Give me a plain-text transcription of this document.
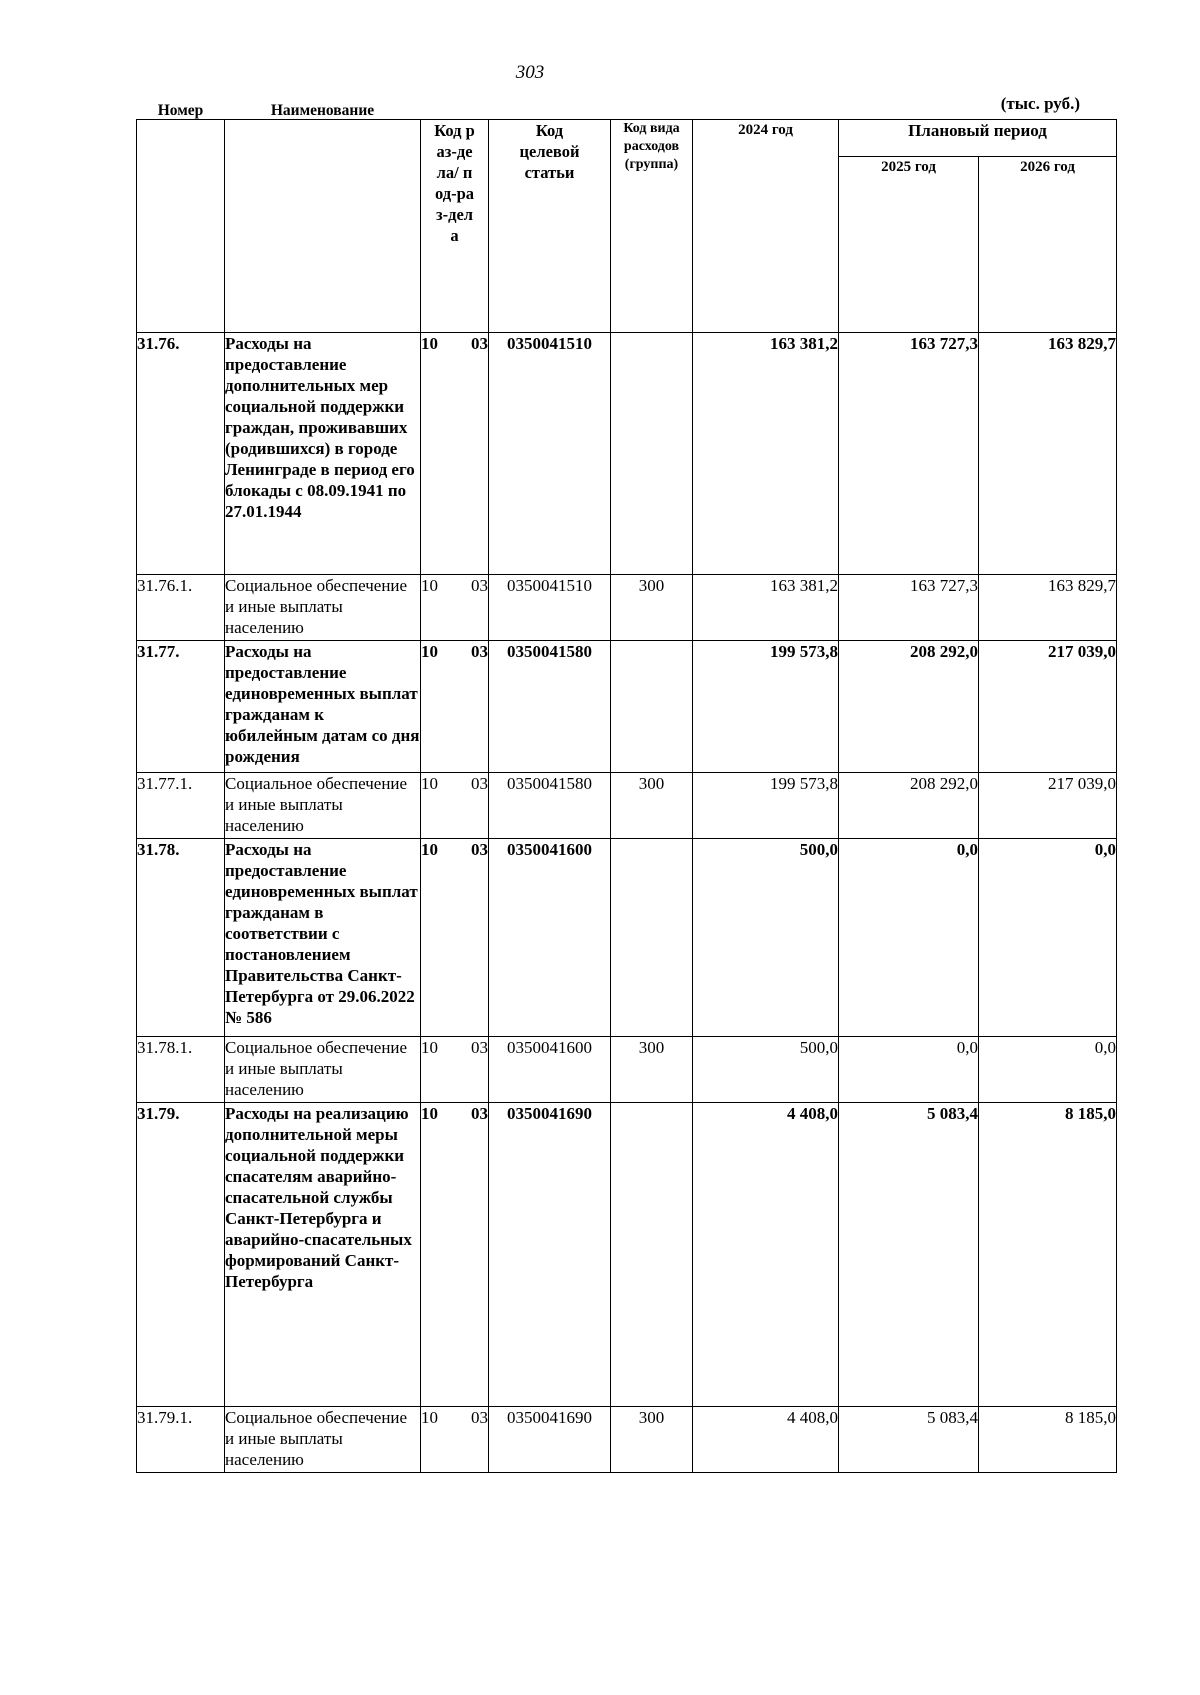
303
(тыс. руб.)
Номер	Наименование	Код раз-дела/ под-раз-дела	Код целевой статьи	Код вида расходов (группа)	2024 год	Плановый период	
						2025 год	2026 год
31.76.	Расходы на предоставление дополнительных мер социальной поддержки граждан, проживавших (родившихся) в городе Ленинграде в период его блокады с 08.09.1941 по 27.01.1944	10 03	0350041510		163 381,2	163 727,3	163 829,7
31.76.1.	Социальное обеспечение и иные выплаты населению	10 03	0350041510	300	163 381,2	163 727,3	163 829,7
31.77.	Расходы на предоставление единовременных выплат гражданам к юбилейным датам со дня рождения	10 03	0350041580		199 573,8	208 292,0	217 039,0
31.77.1.	Социальное обеспечение и иные выплаты населению	10 03	0350041580	300	199 573,8	208 292,0	217 039,0
31.78.	Расходы на предоставление единовременных выплат гражданам в соответствии с постановлением Правительства Санкт-Петербурга от 29.06.2022 № 586	10 03	0350041600		500,0	0,0	0,0
31.78.1.	Социальное обеспечение и иные выплаты населению	10 03	0350041600	300	500,0	0,0	0,0
31.79.	Расходы на реализацию дополнительной меры социальной поддержки спасателям аварийно-спасательной службы Санкт-Петербурга и аварийно-спасательных формирований Санкт-Петербурга	10 03	0350041690		4 408,0	5 083,4	8 185,0
31.79.1.	Социальное обеспечение и иные выплаты населению	10 03	0350041690	300	4 408,0	5 083,4	8 185,0
